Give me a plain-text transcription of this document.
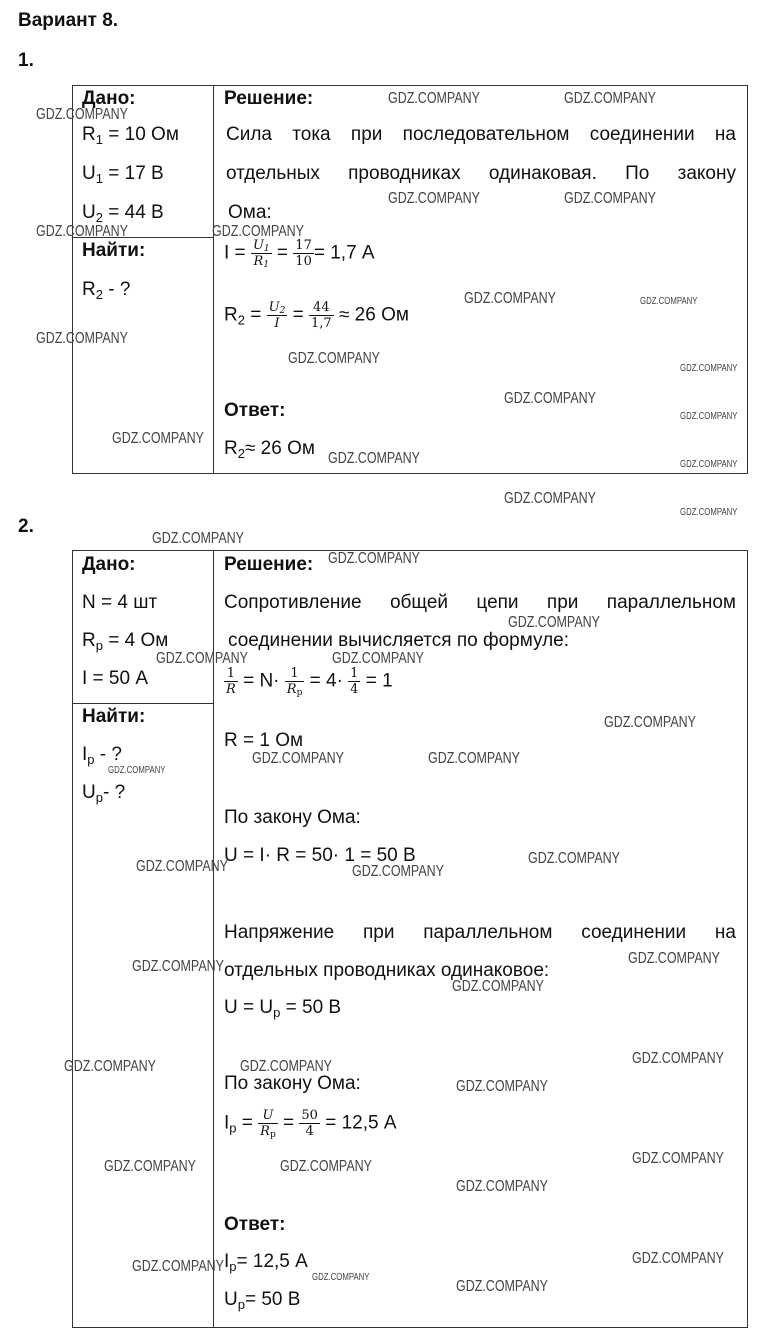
Вариант 8.
1.
Дано:
$R_1 = 10$ Ом
$U_1 = 17$ В
$U_2 = 44$ В
Найти:
$R_2$ - ?
Решение:
Сила тока при последовательном соединении на
отдельных проводниках одинаковая. По закону
Ома:
$I = \frac{U_1}{R_1} = \frac{17}{10} = 1,7$ А
$R_2 = \frac{U_2}{I} = \frac{44}{1,7} \approx 26$ Ом
Ответ:
$R_2\approx 26$ Ом
2.
Дано:
N = 4 шт
$R_р = 4$ Ом
I = 50 А
Найти:
$I_р$ - ?
$U_р-$ ?
Решение:
Сопротивление общей цепи при параллельном
соединении вычисляется по формуле:
$\frac{1}{R} = N\cdot \frac{1}{R_р} = 4\cdot \frac{1}{4} = 1$
R = 1 Ом
По закону Ома:
U = I· R = 50· 1 = 50 В
Напряжение при параллельном соединении на
отдельных проводниках одинаковое:
$U = U_р = 50$ В
По закону Ома:
$I_р = \frac{U}{R_р} = \frac{50}{4} = 12,5$ А
Ответ:
$I_р= 12,5$ А
$U_р= 50$ В
GDZ.COMPANY	GDZ.COMPANY
GDZ.COMPANY
GDZ.COMPANY	GDZ.COMPANY
GDZ.COMPANY	GDZ.COMPANY
GDZ.COMPANY	GDZ.COMPANY
GDZ.COMPANY
GDZ.COMPANY
GDZ.COMPANY
GDZ.COMPANY
GDZ.COMPANY
GDZ.COMPANY
GDZ.COMPANY	GDZ.COMPANY
GDZ.COMPANY
GDZ.COMPANY
GDZ.COMPANY
GDZ.COMPANY
GDZ.COMPANY
GDZ.COMPANY	GDZ.COMPANY
GDZ.COMPANY
GDZ.COMPANY	GDZ.COMPANY
GDZ.COMPANY
GDZ.COMPANY
GDZ.COMPANY	GDZ.COMPANY
GDZ.COMPANY
GDZ.COMPANY
GDZ.COMPANY
GDZ.COMPANY
GDZ.COMPANY	GDZ.COMPANY
GDZ.COMPANY
GDZ.COMPANY
GDZ.COMPANY	GDZ.COMPANY
GDZ.COMPANY
GDZ.COMPANY
GDZ.COMPANY
GDZ.COMPANY
GDZ.COMPANY
